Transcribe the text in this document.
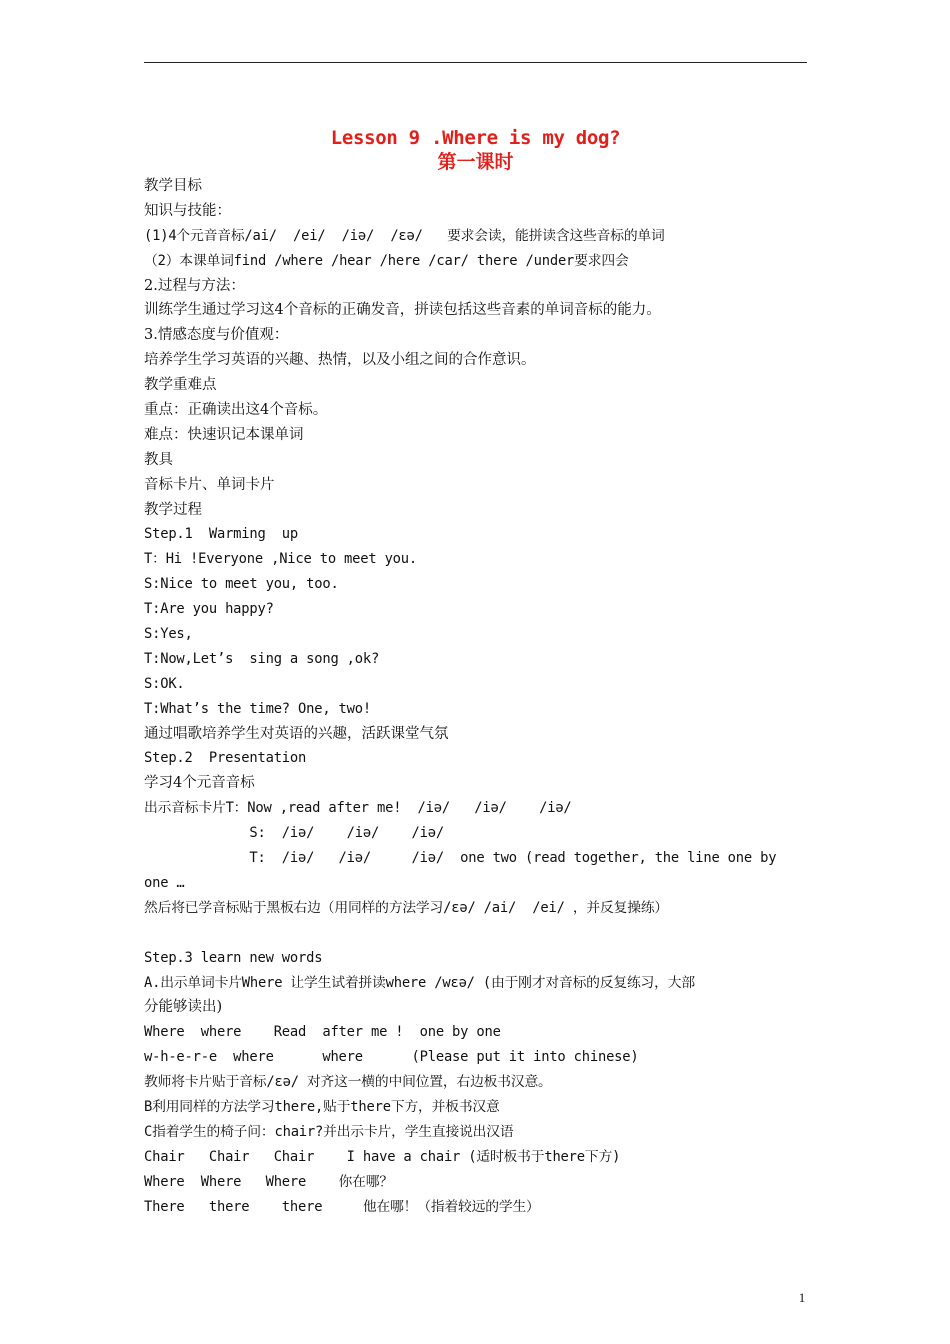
Lesson 9 .Where is my dog?
第一课时
教学目标
知识与技能：
(1)4个元音音标/ai/  /ei/  /iə/  /ɛə/   要求会读，能拼读含这些音标的单词
（2）本课单词find /where /hear /here /car/ there /under要求四会
2.过程与方法：
训练学生通过学习这4个音标的正确发音，拼读包括这些音素的单词音标的能力。
3.情感态度与价值观：
培养学生学习英语的兴趣、热情，以及小组之间的合作意识。
教学重难点
重点：正确读出这4个音标。
难点：快速识记本课单词
教具
音标卡片、单词卡片
教学过程
Step.1  Warming  up
T：Hi !Everyone ,Nice to meet you.
S:Nice to meet you, too.
T:Are you happy?
S:Yes,
T:Now,Let’s  sing a song ,ok?
S:OK.
T:What’s the time? One, two!
通过唱歌培养学生对英语的兴趣，活跃课堂气氛
Step.2  Presentation
学习4个元音音标
出示音标卡片T：Now ,read after me!  /iə/   /iə/    /iə/
S:  /iə/    /iə/    /iə/
T:  /iə/   /iə/     /iə/  one two (read together, the line one by
one …
然后将已学音标贴于黑板右边（用同样的方法学习/ɛə/ /ai/  /ei/ ，并反复操练）
Step.3 learn new words
A.出示单词卡片Where 让学生试着拼读where /wɛə/ (由于刚才对音标的反复练习，大部
分能够读出)
Where  where    Read  after me !  one by one
w-h-e-r-e  where      where      (Please put it into chinese)
教师将卡片贴于音标/ɛə/ 对齐这一横的中间位置，右边板书汉意。
B利用同样的方法学习there,贴于there下方，并板书汉意
C指着学生的椅子问：chair?并出示卡片，学生直接说出汉语
Chair   Chair   Chair    I have a chair (适时板书于there下方)
Where  Where   Where    你在哪？
There   there    there     他在哪！（指着较远的学生）
1
